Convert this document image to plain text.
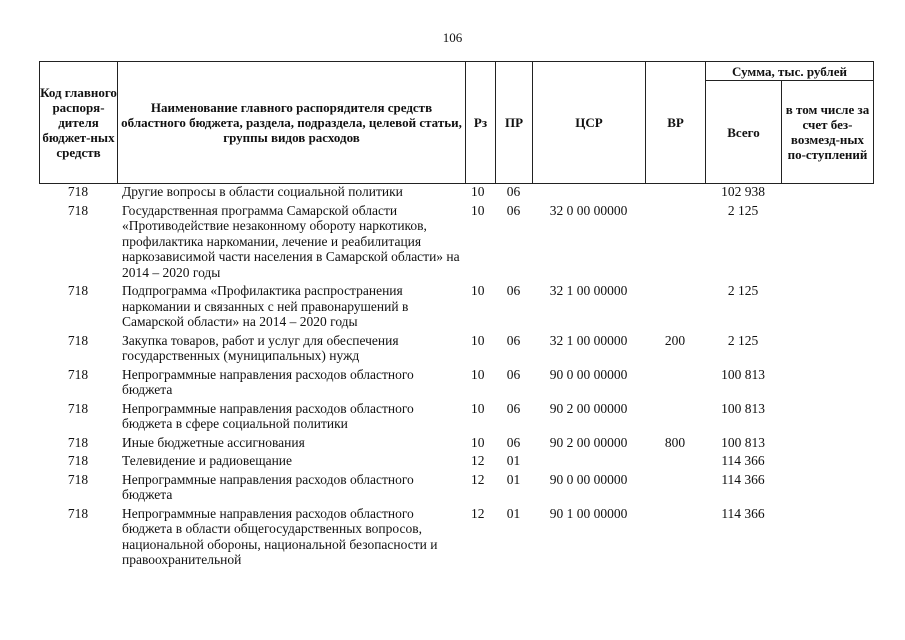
106
Код главного распоря-дителя бюджет-ных средств	Наименование главного распорядителя средств областного бюджета, раздела, подраздела, целевой статьи, группы видов расходов	Рз	ПР	ЦСР	ВР	Сумма, тыс. рублей	
						Всего	в том числе за счет без-возмезд-ных по-ступлений
718	Другие вопросы в области социальной политики	10	06			102 938	
718	Государственная программа Самарской области «Противодействие незаконному обороту наркотиков, профилактика наркомании, лечение и реабилитация наркозависимой части населения в Самарской области» на 2014 – 2020 годы	10	06	32 0 00 00000		2 125	
718	Подпрограмма «Профилактика распространения наркомании и связанных с ней правонарушений в Самарской области» на 2014 – 2020 годы	10	06	32 1 00 00000		2 125	
718	Закупка товаров, работ и услуг для обеспечения государственных (муниципальных) нужд	10	06	32 1 00 00000	200	2 125	
718	Непрограммные направления расходов областного бюджета	10	06	90 0 00 00000		100 813	
718	Непрограммные направления расходов областного бюджета в сфере социальной политики	10	06	90 2 00 00000		100 813	
718	Иные бюджетные ассигнования	10	06	90 2 00 00000	800	100 813	
718	Телевидение и радиовещание	12	01			114 366	
718	Непрограммные направления расходов областного бюджета	12	01	90 0 00 00000		114 366	
718	Непрограммные направления расходов областного бюджета в области общегосударственных вопросов, национальной обороны, национальной безопасности и правоохранительной	12	01	90 1 00 00000		114 366	
